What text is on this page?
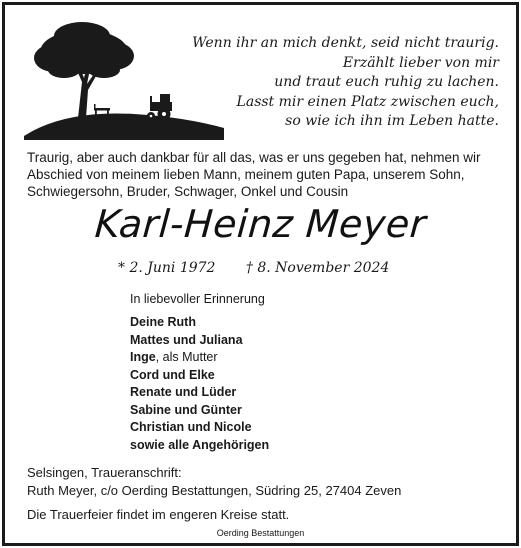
Wenn ihr an mich denkt, seid nicht traurig.
Erzählt lieber von mir
und traut euch ruhig zu lachen.
Lasst mir einen Platz zwischen euch,
so wie ich ihn im Leben hatte.
Traurig, aber auch dankbar für all das, was er uns gegeben hat, nehmen wir
Abschied von meinem lieben Mann, meinem guten Papa, unserem Sohn,
Schwiegersohn, Bruder, Schwager, Onkel und Cousin
Karl-Heinz Meyer
* 2. Juni 1972 † 8. November 2024
In liebevoller Erinnerung
Deine Ruth
Mattes und Juliana
Inge, als Mutter
Cord und Elke
Renate und Lüder
Sabine und Günter
Christian und Nicole
sowie alle Angehörigen
Selsingen, Traueranschrift:
Ruth Meyer, c/o Oerding Bestattungen, Südring 25, 27404 Zeven
Die Trauerfeier findet im engeren Kreise statt.
Oerding Bestattungen
